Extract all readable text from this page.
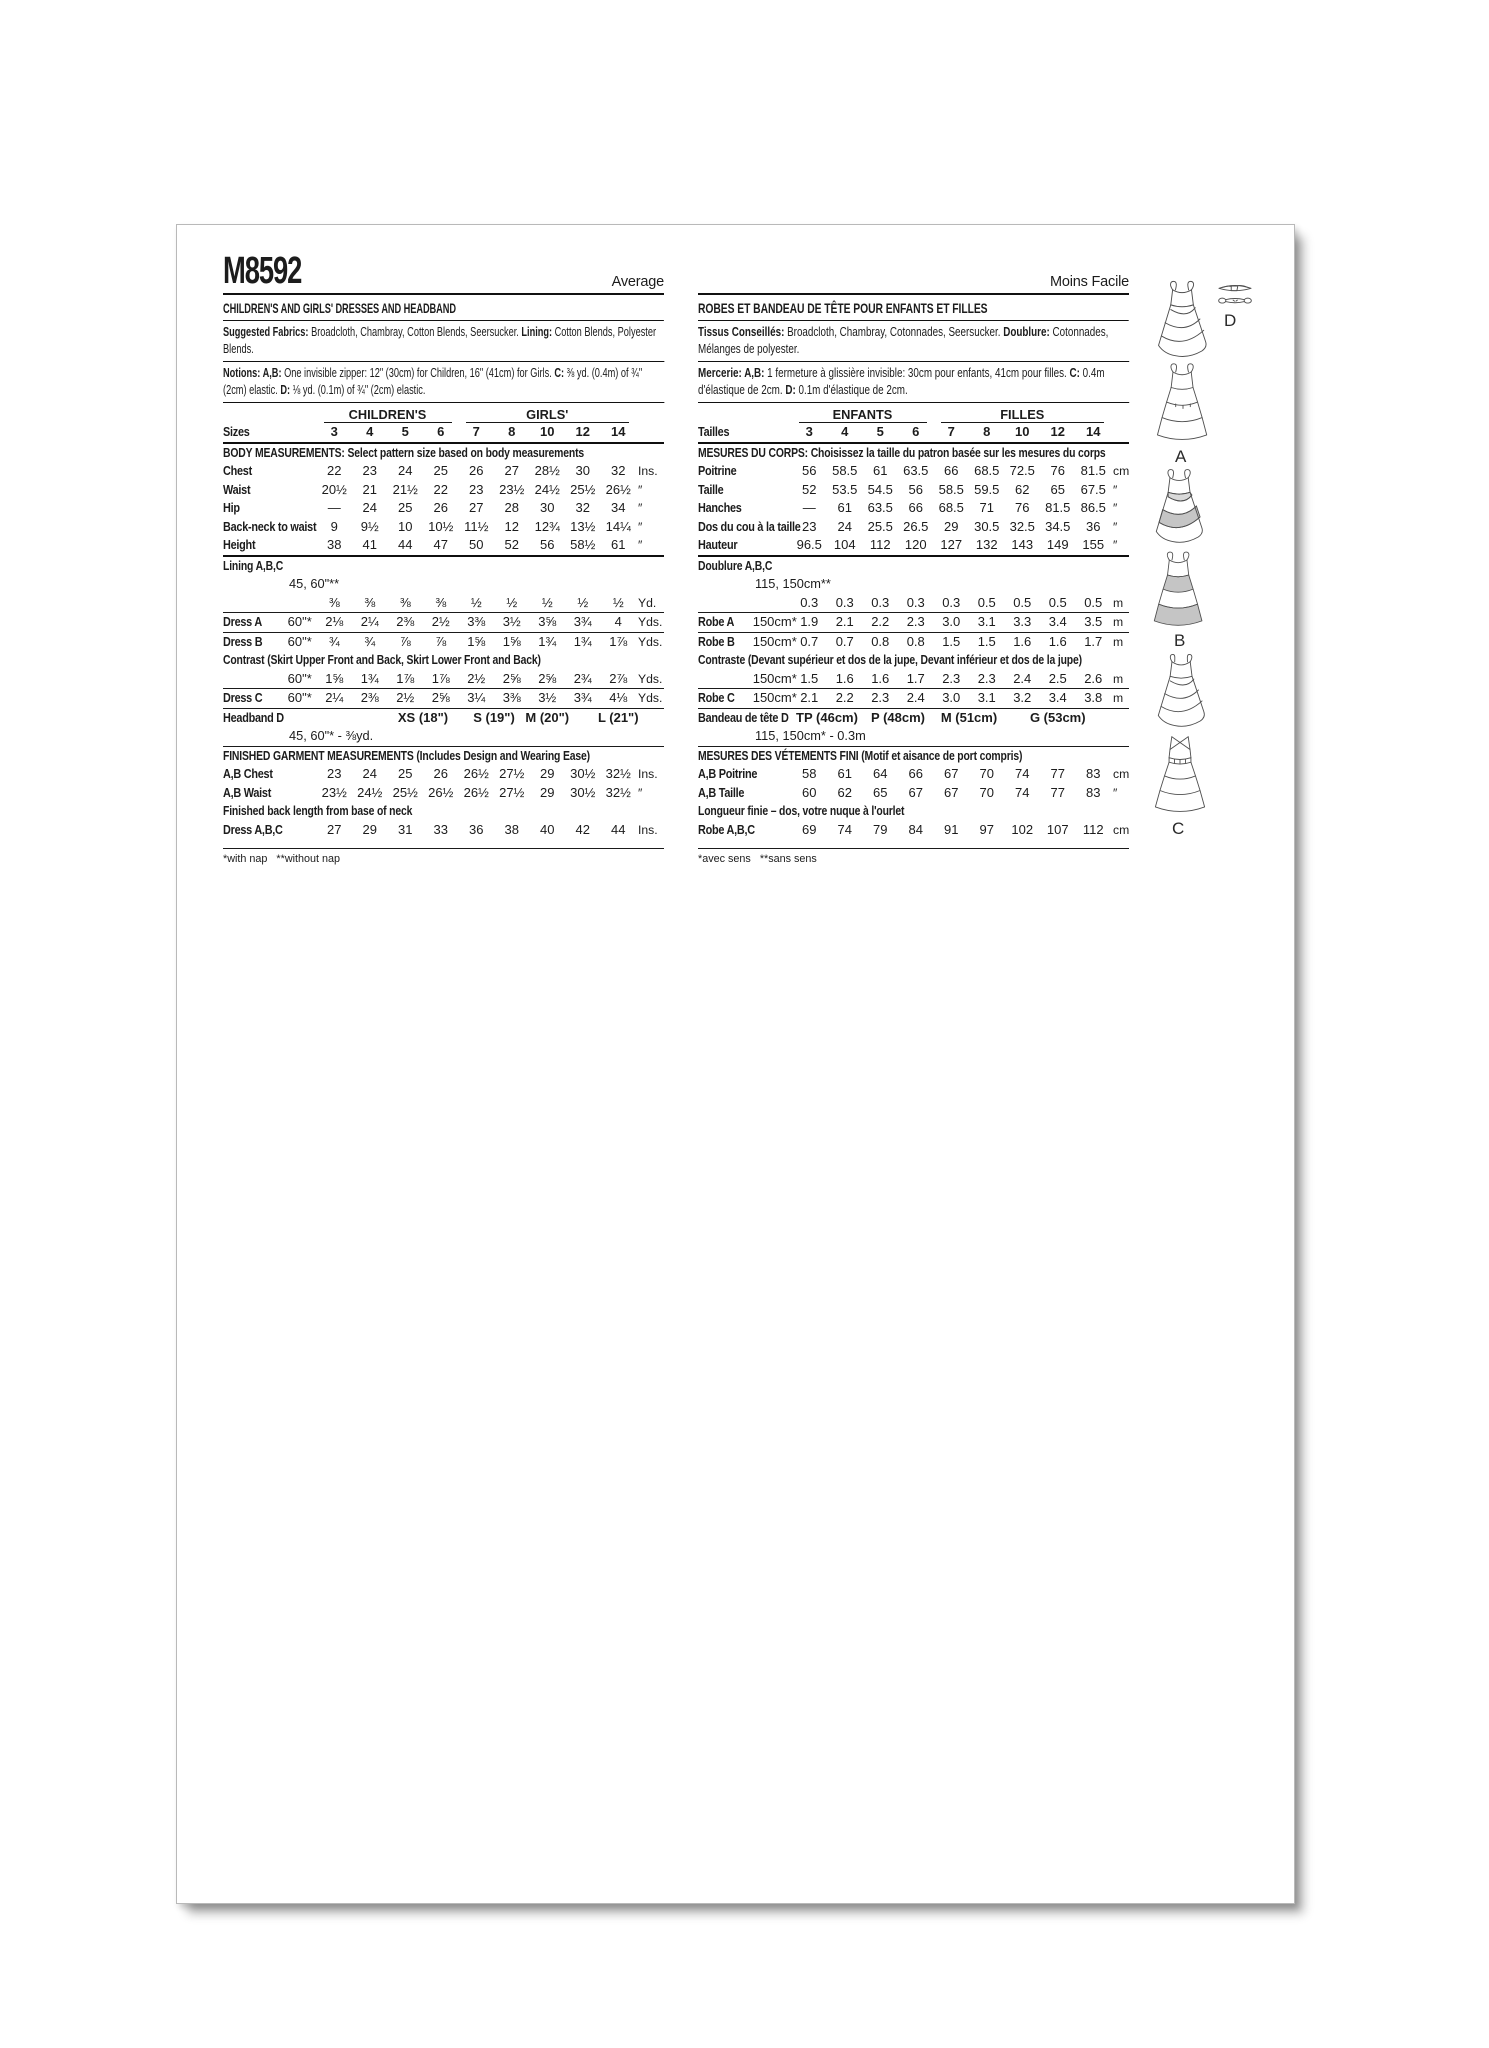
M8592	Average
CHILDREN'S AND GIRLS' DRESSES AND HEADBAND
Suggested Fabrics: Broadcloth, Chambray, Cotton Blends, Seersucker. Lining: Cotton Blends, Polyester Blends.
Notions: A,B: One invisible zipper: 12" (30cm) for Children, 16" (41cm) for Girls. C: ⅜ yd. (0.4m) of ¾" (2cm) elastic. D: ⅛ yd. (0.1m) of ¾" (2cm) elastic.
CHILDREN'S	GIRLS'
Sizes	3	4	5	6	7	8	10	12	14
BODY MEASUREMENTS: Select pattern size based on body measurements
Chest	22	23	24	25	26	27	28½	30	32	Ins.
Waist	20½	21	21½	22	23	23½ 24½ 25½ 26½ ″
Hip	—	24	25	26	27	28	30	32	34	″
Back-neck to waist	9	9½	10	10½ 11½	12	12¾ 13½ 14¼ ″
Height	38	41	44	47	50	52	56	58½	61	″
Lining A,B,C
45, 60"**
⅜	⅜	⅜	⅜	½	½	½	½	½	Yd.
Dress A	60"*	2⅛	2¼	2⅜	2½	3⅜	3½	3⅝	3¾	4	Yds.
Dress B	60"*	¾	¾	⅞	⅞	1⅝	1⅝	1¾	1¾	1⅞ Yds.
Contrast (Skirt Upper Front and Back, Skirt Lower Front and Back)
60"*	1⅝	1¾	1⅞	1⅞	2½	2⅝	2⅝	2¾	2⅞ Yds.
Dress C	60"*	2¼	2⅜	2½	2⅝	3¼	3⅜	3½	3¾	4⅛ Yds.
Headband D	XS (18")	S (19") M (20") L (21")
45, 60"* - ⅜yd.
FINISHED GARMENT MEASUREMENTS (Includes Design and Wearing Ease)
A,B Chest	23	24	25	26	26½ 27½	29	30½ 32½ Ins.
A,B Waist	23½ 24½ 25½ 26½ 26½ 27½	29	30½ 32½ ″
Finished back length from base of neck
Dress A,B,C	27	29	31	33	36	38	40	42	44	Ins.
*with nap   **without nap
Moins Facile
ROBES ET BANDEAU DE TÊTE POUR ENFANTS ET FILLES
Tissus Conseillés: Broadcloth, Chambray, Cotonnades, Seersucker. Doublure: Cotonnades, Mélanges de polyester.
Mercerie: A,B: 1 fermeture à glissière invisible: 30cm pour enfants, 41cm pour filles. C: 0.4m d'élastique de 2cm. D: 0.1m d'élastique de 2cm.
ENFANTS	FILLES
Tailles	3	4	5	6	7	8	10	12	14
MESURES DU CORPS: Choisissez la taille du patron basée sur les mesures du corps
Poitrine	56	58.5	61	63.5	66	68.5 72.5	76	81.5 cm
Taille	52	53.5 54.5	56	58.5 59.5	62	65	67.5 ″
Hanches	—	61	63.5	66	68.5	71	76	81.5 86.5 ″
Dos du cou à la taille 23	24	25.5 26.5	29	30.5 32.5 34.5	36	″
Hauteur	96.5 104	112	120	127	132	143	149	155 ″
Doublure A,B,C
115, 150cm**
0.3	0.3	0.3	0.3	0.3	0.5	0.5	0.5	0.5 m
Robe A	150cm* 1.9	2.1	2.2	2.3	3.0	3.1	3.3	3.4	3.5 m
Robe B	150cm* 0.7	0.7	0.8	0.8	1.5	1.5	1.6	1.6	1.7 m
Contraste (Devant supérieur et dos de la jupe, Devant inférieur et dos de la jupe)
150cm* 1.5	1.6	1.6	1.7	2.3	2.3	2.4	2.5	2.6 m
Robe C	150cm* 2.1	2.2	2.3	2.4	3.0	3.1	3.2	3.4	3.8 m
Bandeau de tête D TP (46cm)	P (48cm)	M (51cm)	G (53cm)
115, 150cm* - 0.3m
MESURES DES VÉTEMENTS FINI (Motif et aisance de port compris)
A,B Poitrine	58	61	64	66	67	70	74	77	83	cm
A,B Taille	60	62	65	67	67	70	74	77	83	″
Longueur finie – dos, votre nuque à l'ourlet
Robe A,B,C	69	74	79	84	91	97	102	107	112 cm
*avec sens   **sans sens
D
A
B
C
